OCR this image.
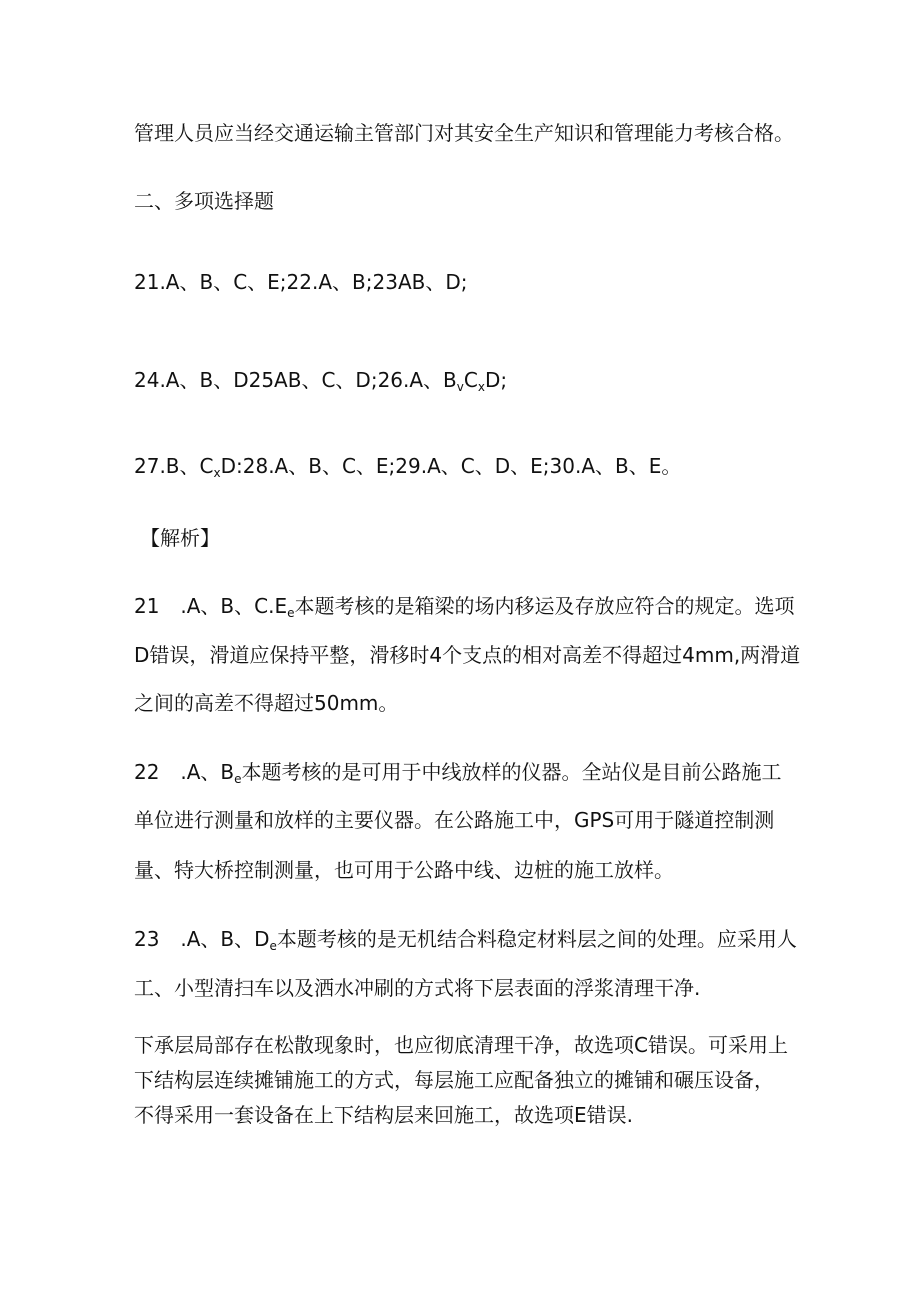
管理人员应当经交通运输主管部门对其安全生产知识和管理能力考核合格。

二、多项选择题

21.A、B、C、E;22.A、B;23AB、D;

24.A、B、D25AB、C、D;26.A、$B_vC_xD$;

27.B、$C_xD:28.A$、B、C、E;29.A、C、D、E;30.A、B、E。

【解析】

21 .A、B、$C.E_e$本题考核的是箱梁的场内移运及存放应符合的规定。选项

D错误，滑道应保持平整，滑移时4个支点的相对高差不得超过4mm,两滑道

之间的高差不得超过50mm。

22 .A、$B_e$本题考核的是可用于中线放样的仪器。全站仪是目前公路施工

单位进行测量和放样的主要仪器。在公路施工中，GPS可用于隧道控制测

量、特大桥控制测量，也可用于公路中线、边桩的施工放样。

23 .A、B、$D_e$本题考核的是无机结合料稳定材料层之间的处理。应采用人

工、小型清扫车以及洒水冲刷的方式将下层表面的浮浆清理干净.

下承层局部存在松散现象时，也应彻底清理干净，故选项C错误。可采用上

下结构层连续摊铺施工的方式，每层施工应配备独立的摊铺和碾压设备，

不得采用一套设备在上下结构层来回施工，故选项E错误.
